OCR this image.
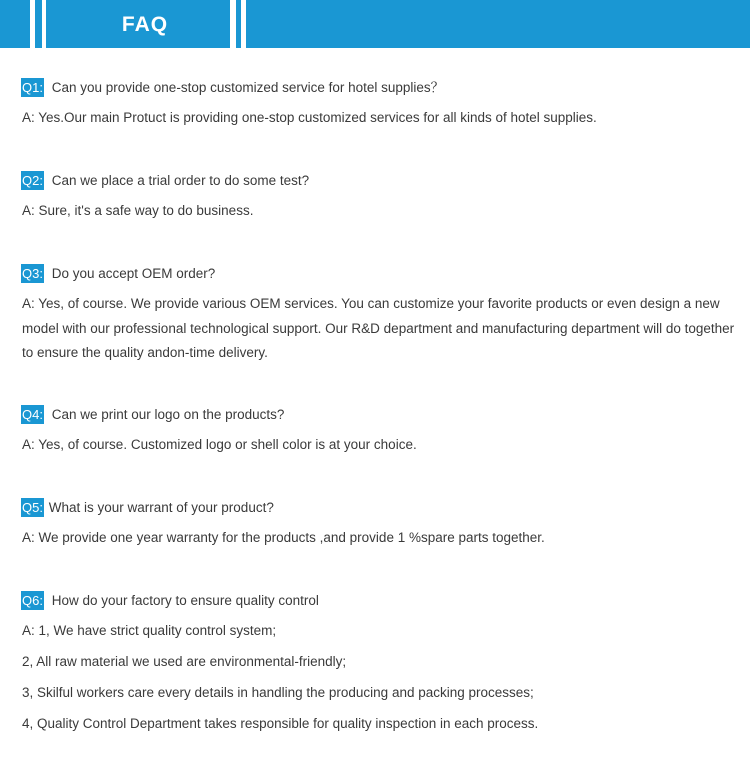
FAQ
Q1: Can you provide one-stop customized service for hotel supplies？
A: Yes.Our main Protuct is providing one-stop customized services for all kinds of hotel supplies.
Q2: Can we place a trial order to do some test?
A: Sure, it's a safe way to do business.
Q3: Do you accept OEM order?
A: Yes, of course. We provide various OEM services. You can customize your favorite products or even design a new model with our professional technological support. Our R&D department and manufacturing department will do together to ensure the quality andon-time delivery.
Q4: Can we print our logo on the products?
A: Yes, of course. Customized logo or shell color is at your choice.
Q5: What is your warrant of your product?
A: We provide one year warranty for the products ,and provide 1 %spare parts together.
Q6: How do your factory to ensure quality control
A: 1, We have strict quality control system;
2, All raw material we used are environmental-friendly;
3, Skilful workers care every details in handling the producing and packing processes;
4, Quality Control Department takes responsible for quality inspection in each process.
